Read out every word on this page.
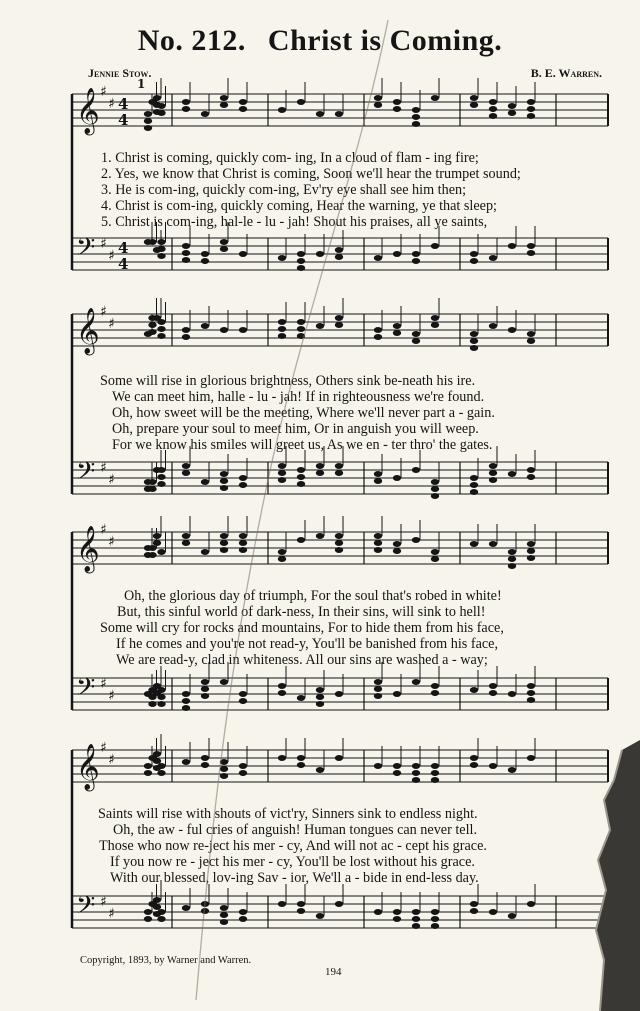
No. 212. Christ is Coming.
Jennie Stow.	B. E. Warren.
𝄞 ♯
♯ 4
4
𝄢 ♯
♯ 4
4
𝄞 ♯
♯
𝄢 ♯
♯
𝄞 ♯
♯
𝄢 ♯
♯
𝄞 ♯
♯
𝄢 ♯
♯
1
1. Christ is coming, quickly com- ing, In a cloud of flam - ing fire;
2. Yes, we know that Christ is coming, Soon we'll hear the trumpet sound;
3. He is com-ing, quickly com-ing, Ev'ry eye shall see him then;
4. Christ is com-ing, quickly coming, Hear the warning, ye that sleep;
5. Christ is com-ing, hal-le - lu - jah! Shout his praises, all ye saints,
Some will rise in glorious brightness, Others sink be-neath his ire.
We can meet him, halle - lu - jah! If in righteousness we're found.
Oh, how sweet will be the meeting, Where we'll never part a - gain.
Oh, prepare your soul to meet him, Or in anguish you will weep.
For we know his smiles will greet us, As we en - ter thro' the gates.
Oh, the glorious day of triumph, For the soul that's robed in white!
But, this sinful world of dark-ness, In their sins, will sink to hell!
Some will cry for rocks and mountains, For to hide them from his face,
If he comes and you're not read-y, You'll be banished from his face,
We are read-y, clad in whiteness. All our sins are washed a - way;
Saints will rise with shouts of vict'ry, Sinners sink to endless night.
Oh, the aw - ful cries of anguish! Human tongues can never tell.
Those who now re-ject his mer - cy, And will not ac - cept his grace.
If you now re - ject his mer - cy, You'll be lost without his grace.
With our blessed, lov-ing Sav - ior, We'll a - bide in end-less day.
Copyright, 1893, by Warner and Warren.
194
